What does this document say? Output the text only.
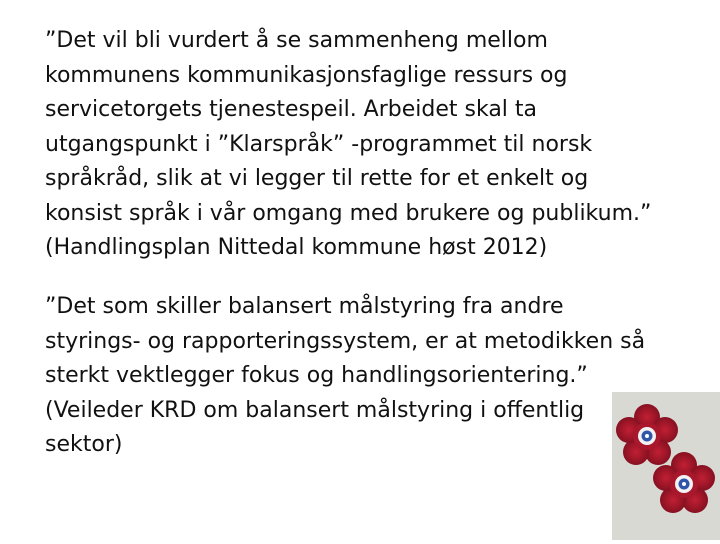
”Det vil bli vurdert å se sammenheng mellom
kommunens kommunikasjonsfaglige ressurs og
servicetorgets tjenestespeil. Arbeidet skal ta
utgangspunkt i ”Klarspråk” -programmet til norsk
språkråd, slik at vi legger til rette for et enkelt og
konsist språk i vår omgang med brukere og publikum.”
(Handlingsplan Nittedal kommune høst 2012)

”Det som skiller balansert målstyring fra andre
styrings- og rapporteringssystem, er at metodikken så
sterkt vektlegger fokus og handlingsorientering.”
(Veileder KRD om balansert målstyring i offentlig
sektor)
